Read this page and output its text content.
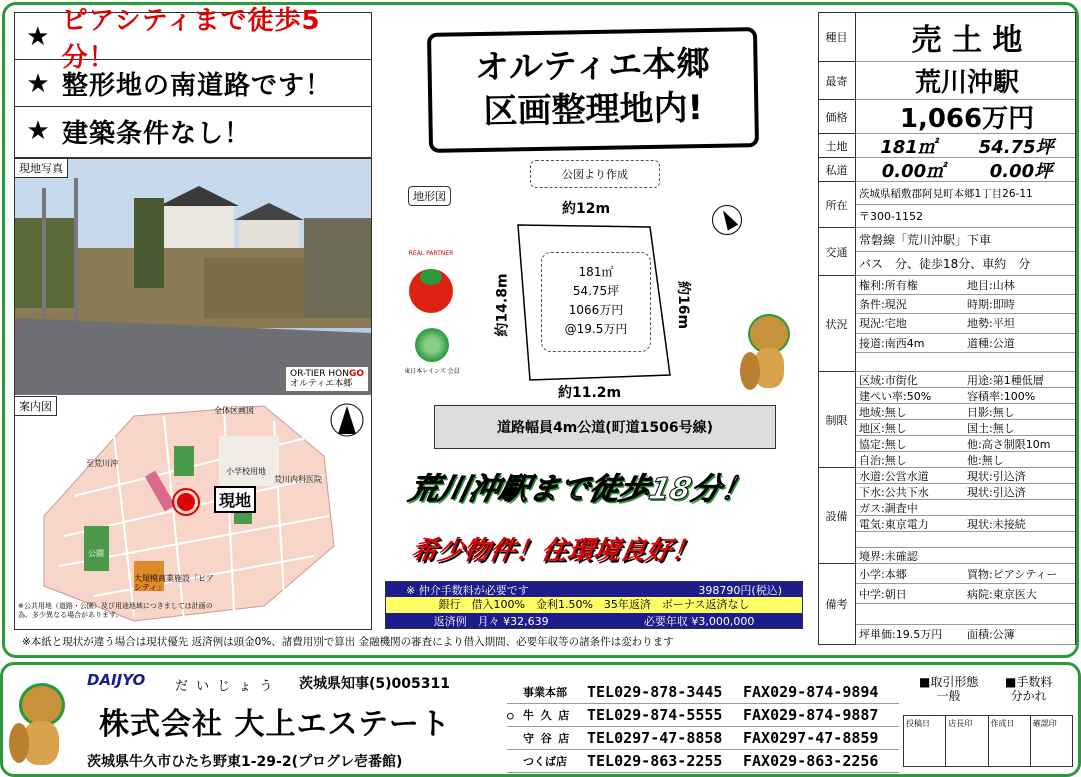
★
ピアシティまで徒歩5分！
★ 整形地の南道路です！
★ 建築条件なし！
現地写真
OR-TIER HONGO
オルティエ本郷
案内図	全体区画図
至荒川沖
小学校用地
荒川内科医院
公園
現地
大規模商業施設「ピアシティ」
※公共用地（道路・公園）及び用途地域につきましては計画の為、多少異なる場合があります。
オルティエ本郷
区画整理地内!
公図より作成
地形図
約12m
約14.8m	約16m
約11.2m
181㎡
54.75坪
1066万円
@19.5万円
道路幅員4m公道(町道1506号線)
REAL PARTNER
東日本レインズ 会員
荒川沖駅まで徒歩18分！
希少物件！住環境良好！
※ 仲介手数料が必要です	398790円(税込)
銀行　借入100%　金利1.50%　35年返済　ボーナス返済なし
返済例　月々 ¥32,639	必要年収 ¥3,000,000
※本紙と現状が違う場合は現状優先 返済例は頭金0%、諸費用別で算出 金融機関の審査により借入期間、必要年収等の諸条件は変わります
種目	売 土 地
最寄	荒川沖駅
価格	1,066万円
土地	181㎡ 54.75坪
私道	0.00㎡	0.00坪
所在
茨城県稲敷郡阿見町本郷1丁目26-11
〒300-1152
交通
常磐線「荒川沖駅」下車
バス　分、徒歩18分、車約　分
状況
権利:所有権	地目:山林
条件:現況	時期:即時
現況:宅地	地勢:平坦
接道:南西4m	道種:公道
制限
区域:市街化	用途:第1種低層
建ぺい率:50%	容積率:100%
地域:無し	日影:無し
地区:無し	国土:無し
協定:無し	他:高さ制限10m
自治:無し	他:無し
設備
水道:公営水道	現状:引込済
下水:公共下水	現状:引込済
ガス:調査中
電気:東京電力	現状:未接続
境界:未確認
備考
小学:本郷	買物:ピアシティー
中学:朝日	病院:東京医大
坪単価:19.5万円	面積:公簿
DAIJYO だ い じ ょ う 茨城県知事(5)005311
株式会社 大上エステート
茨城県牛久市ひたち野東1-29-2(プログレ壱番館)
事業本部	TEL029-878-3445	FAX029-874-9894
○ 牛 久 店	TEL029-874-5555	FAX029-874-9887
守 谷 店	TEL0297-47-8858	FAX0297-47-8859
つくば店	TEL029-863-2255	FAX029-863-2256
■取引形態
一般
■手数料
分かれ
投稿日	店長印	作成日	確認印
